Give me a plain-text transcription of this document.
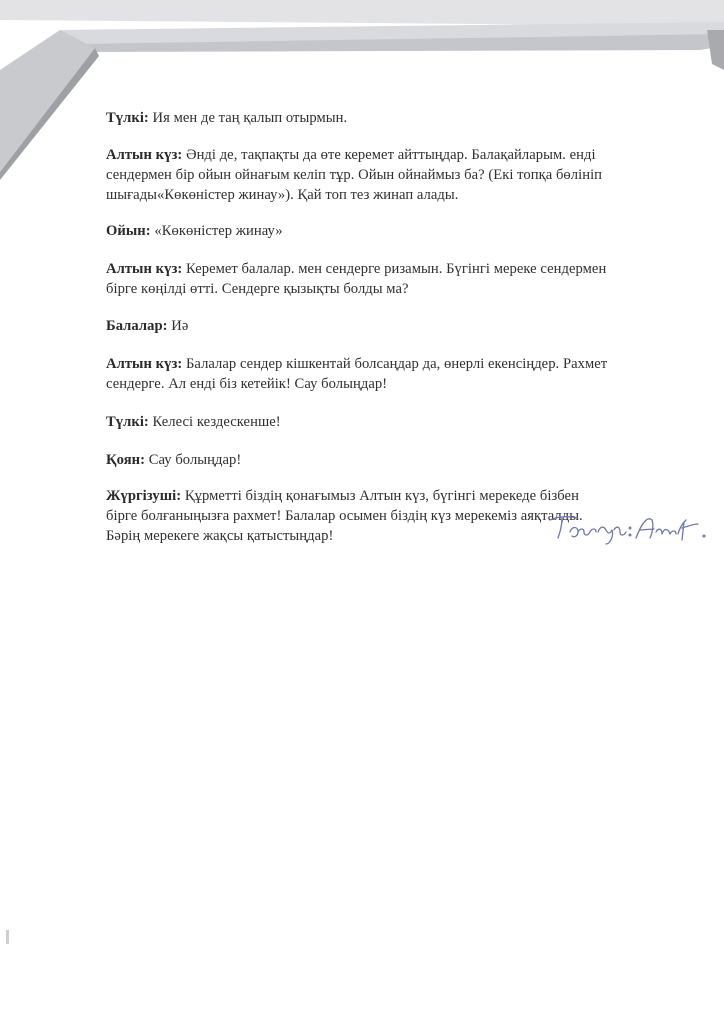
Түлкі: Ия мен де таң қалып отырмын.

Алтын күз: Әнді де, тақпақты да өте керемет айттыңдар. Балақайларым. енді
сендермен бір ойын ойнағым келіп тұр. Ойын ойнаймыз ба? (Екі топқа бөлініп
шығады«Көкөністер жинау»). Қай топ тез жинап алады.

Ойын: «Көкөністер жинау»

Алтын күз: Керемет балалар. мен сендерге ризамын. Бүгінгі мереке сендермен
бірге көңілді өтті. Сендерге қызықты болды ма?

Балалар: Иә

Алтын күз: Балалар сендер кішкентай болсаңдар да, өнерлі екенсіңдер. Рахмет
сендерге. Ал енді біз кетейік! Сау болыңдар!

Түлкі: Келесі кездескенше!

Қоян: Сау болыңдар!

Жүргізуші: Құрметті біздің қонағымыз Алтын күз, бүгінгі мерекеде бізбен
бірге болғаныңызға рахмет! Балалар осымен біздің күз мерекеміз аяқталды.
Бәрің мерекеге жақсы қатыстыңдар!
